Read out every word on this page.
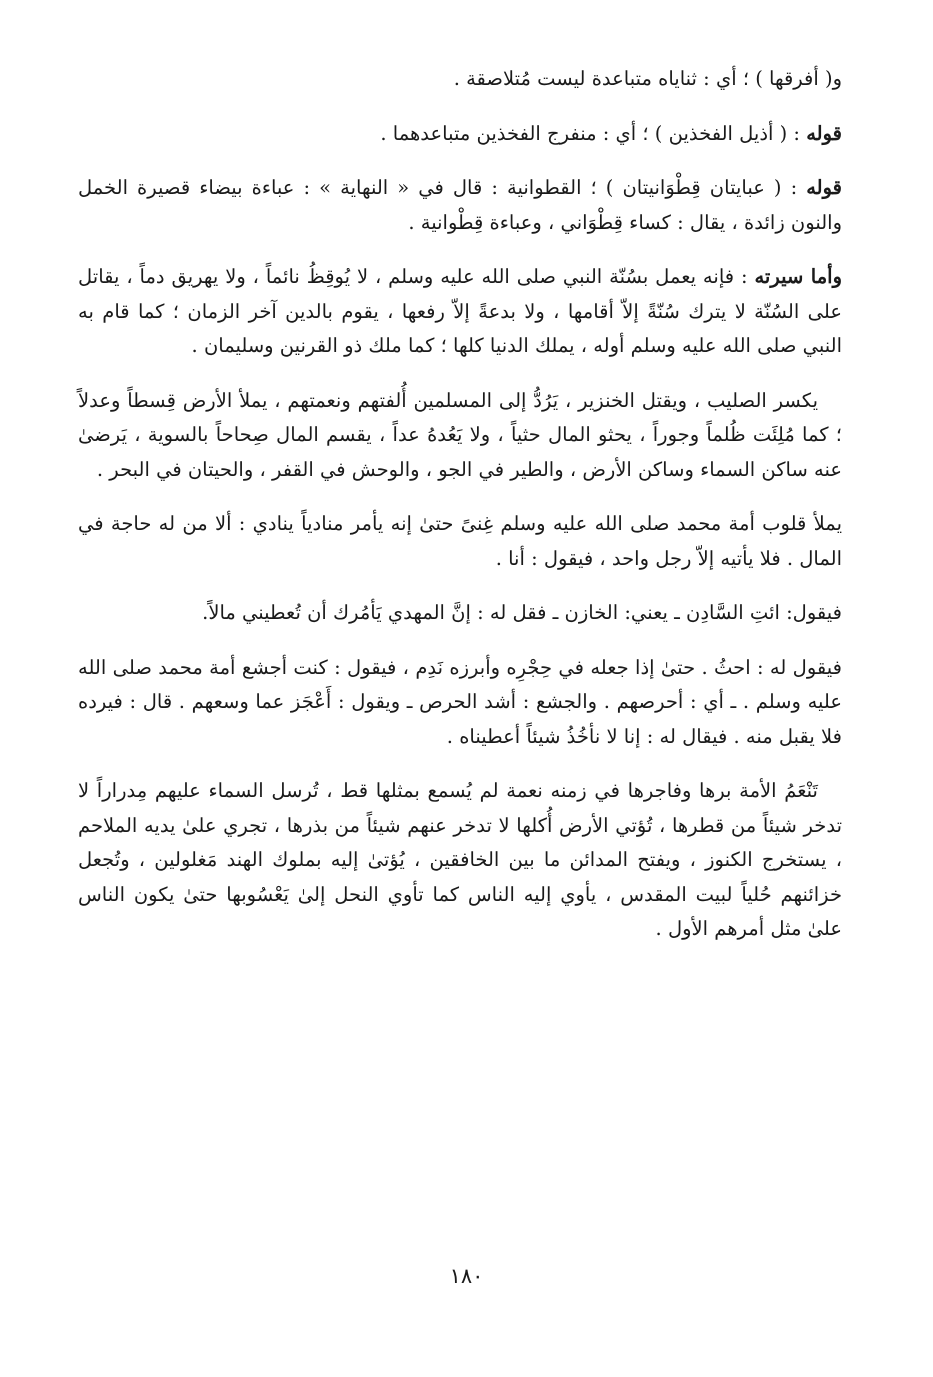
و( أفرقها ) ؛ أي : ثناياه متباعدة ليست مُتلاصقة .

قوله : ( أذيل الفخذين ) ؛ أي : منفرج الفخذين متباعدهما .

قوله : ( عبايتان قِطْوَانيتان ) ؛ القطوانية : قال في « النهاية » : عباءة بيضاء قصيرة الخمل والنون زائدة ، يقال : كساء قِطْوَاني ، وعباءة قِطْوانية .

وأما سيرته : فإنه يعمل بسُنّة النبي صلى الله عليه وسلم ، لا يُوقِظُ نائماً ، ولا يهريق دماً ، يقاتل على السُنّة لا يترك سُنّةً إلاّ أقامها ، ولا بدعةً إلاّ رفعها ، يقوم بالدين آخر الزمان ؛ كما قام به النبي صلى الله عليه وسلم أوله ، يملك الدنيا كلها ؛ كما ملك ذو القرنين وسليمان .

يكسر الصليب ، ويقتل الخنزير ، يَرُدُّ إلى المسلمين أُلفتهم ونعمتهم ، يملأ الأرض قِسطاً وعدلاً ؛ كما مُلِئَت ظُلماً وجوراً ، يحثو المال حثياً ، ولا يَعُدهُ عداً ، يقسم المال صِحاحاً بالسوية ، يَرضىٰ عنه ساكن السماء وساكن الأرض ، والطير في الجو ، والوحش في القفر ، والحيتان في البحر .

يملأ قلوب أمة محمد صلى الله عليه وسلم غِنىً حتىٰ إنه يأمر منادياً ينادي : ألا من له حاجة في المال . فلا يأتيه إلاّ رجل واحد ، فيقول : أنا .

فيقول: ائتِ السَّادِن ـ يعني: الخازن ـ فقل له : إنَّ المهدي يَأمُرك أن تُعطيني مالاً.

فيقول له : احثُ . حتىٰ إذا جعله في حِجْرِه وأبرزه نَدِم ، فيقول : كنت أجشع أمة محمد صلى الله عليه وسلم . ـ أي : أحرصهم . والجشع : أشد الحرص ـ ويقول : أَعْجَز عما وسعهم . قال : فيرده فلا يقبل منه . فيقال له : إنا لا نأخُذُ شيئاً أعطيناه .

تَنْعَمُ الأمة برها وفاجرها في زمنه نعمة لم يُسمع بمثلها قط ، تُرسل السماء عليهم مِدراراً لا تدخر شيئاً من قطرها ، تُؤتي الأرض أُكلها لا تدخر عنهم شيئاً من بذرها ، تجري علىٰ يديه الملاحم ، يستخرج الكنوز ، ويفتح المدائن ما بين الخافقين ، يُؤتىٰ إليه بملوك الهند مَغلولين ، وتُجعل خزائنهم حُلياً لبيت المقدس ، يأوي إليه الناس كما تأوي النحل إلىٰ يَعْسُوبها حتىٰ يكون الناس علىٰ مثل أمرهم الأول .

١٨٠
